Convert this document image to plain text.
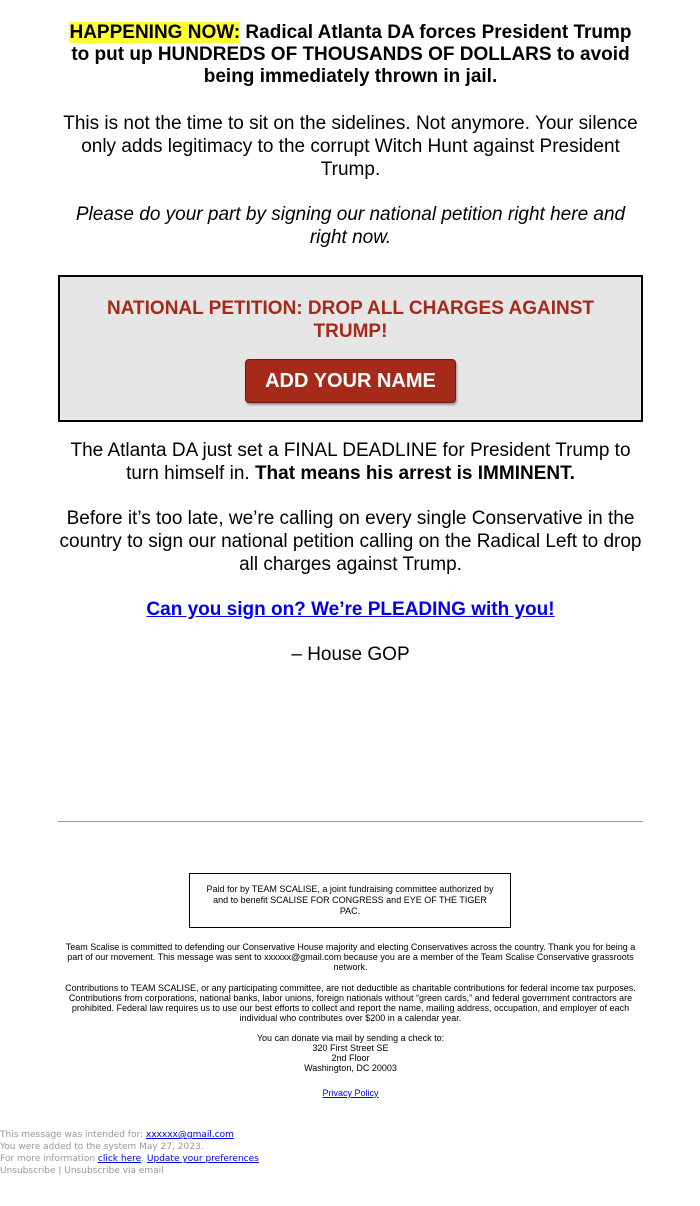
HAPPENING NOW: Radical Atlanta DA forces President Trump to put up HUNDREDS OF THOUSANDS OF DOLLARS to avoid being immediately thrown in jail.

This is not the time to sit on the sidelines. Not anymore. Your silence only adds legitimacy to the corrupt Witch Hunt against President Trump.

Please do your part by signing our national petition right here and right now.

NATIONAL PETITION: DROP ALL CHARGES AGAINST TRUMP!
ADD YOUR NAME

The Atlanta DA just set a FINAL DEADLINE for President Trump to turn himself in. That means his arrest is IMMINENT.

Before it’s too late, we’re calling on every single Conservative in the country to sign our national petition calling on the Radical Left to drop all charges against Trump.

Can you sign on? We’re PLEADING with you!
– House GOP
Paid for by TEAM SCALISE, a joint fundraising committee authorized by and to benefit SCALISE FOR CONGRESS and EYE OF THE TIGER PAC.
Team Scalise is committed to defending our Conservative House majority and electing Conservatives across the country. Thank you for being a part of our movement. This message was sent to xxxxxx@gmail.com because you are a member of the Team Scalise Conservative grassroots network.
Contributions to TEAM SCALISE, or any participating committee, are not deductible as charitable contributions for federal income tax purposes. Contributions from corporations, national banks, labor unions, foreign nationals without “green cards,” and federal government contractors are prohibited. Federal law requires us to use our best efforts to collect and report the name, mailing address, occupation, and employer of each individual who contributes over $200 in a calendar year.
You can donate via mail by sending a check to:
320 First Street SE
2nd Floor
Washington, DC 20003
Privacy Policy
This message was intended for: xxxxxx@gmail.com
You were added to the system May 27, 2023.
For more information click here. Update your preferences
Unsubscribe | Unsubscribe via email
